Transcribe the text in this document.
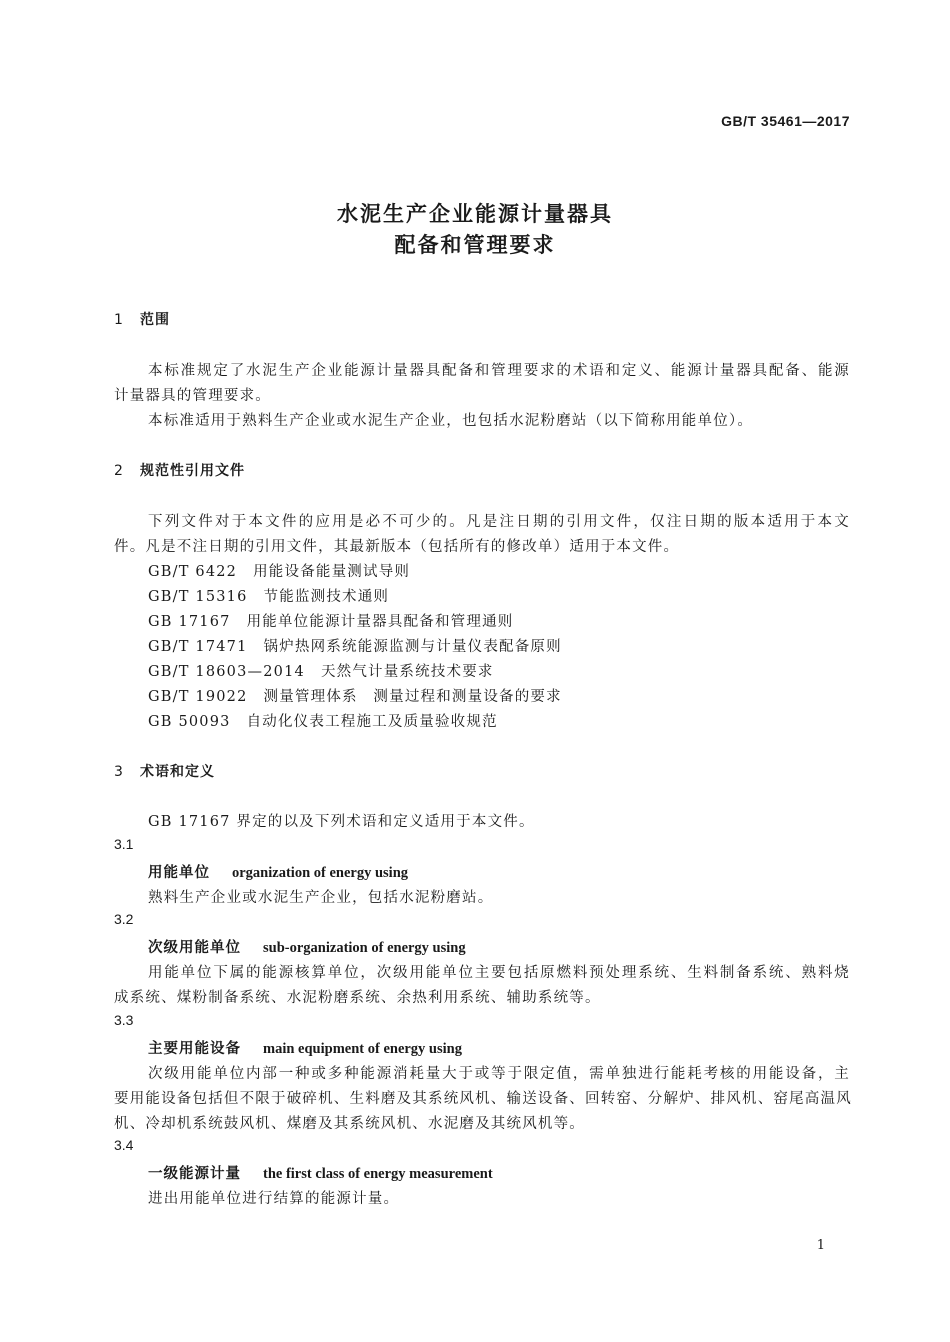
GB/T 35461—2017
水泥生产企业能源计量器具
配备和管理要求
1 范围
本标准规定了水泥生产企业能源计量器具配备和管理要求的术语和定义、能源计量器具配备、能源
计量器具的管理要求。
本标准适用于熟料生产企业或水泥生产企业，也包括水泥粉磨站（以下简称用能单位）。
2 规范性引用文件
下列文件对于本文件的应用是必不可少的。凡是注日期的引用文件，仅注日期的版本适用于本文
件。凡是不注日期的引用文件，其最新版本（包括所有的修改单）适用于本文件。
GB/T 6422 用能设备能量测试导则
GB/T 15316 节能监测技术通则
GB 17167 用能单位能源计量器具配备和管理通则
GB/T 17471 锅炉热网系统能源监测与计量仪表配备原则
GB/T 18603—2014 天然气计量系统技术要求
GB/T 19022 测量管理体系　测量过程和测量设备的要求
GB 50093 自动化仪表工程施工及质量验收规范
3 术语和定义
GB 17167 界定的以及下列术语和定义适用于本文件。
3.1
用能单位 organization of energy using
熟料生产企业或水泥生产企业，包括水泥粉磨站。
3.2
次级用能单位 sub-organization of energy using
用能单位下属的能源核算单位，次级用能单位主要包括原燃料预处理系统、生料制备系统、熟料烧
成系统、煤粉制备系统、水泥粉磨系统、余热利用系统、辅助系统等。
3.3
主要用能设备 main equipment of energy using
次级用能单位内部一种或多种能源消耗量大于或等于限定值，需单独进行能耗考核的用能设备，主
要用能设备包括但不限于破碎机、生料磨及其系统风机、输送设备、回转窑、分解炉、排风机、窑尾高温风
机、冷却机系统鼓风机、煤磨及其系统风机、水泥磨及其统风机等。
3.4
一级能源计量 the first class of energy measurement
进出用能单位进行结算的能源计量。
1
